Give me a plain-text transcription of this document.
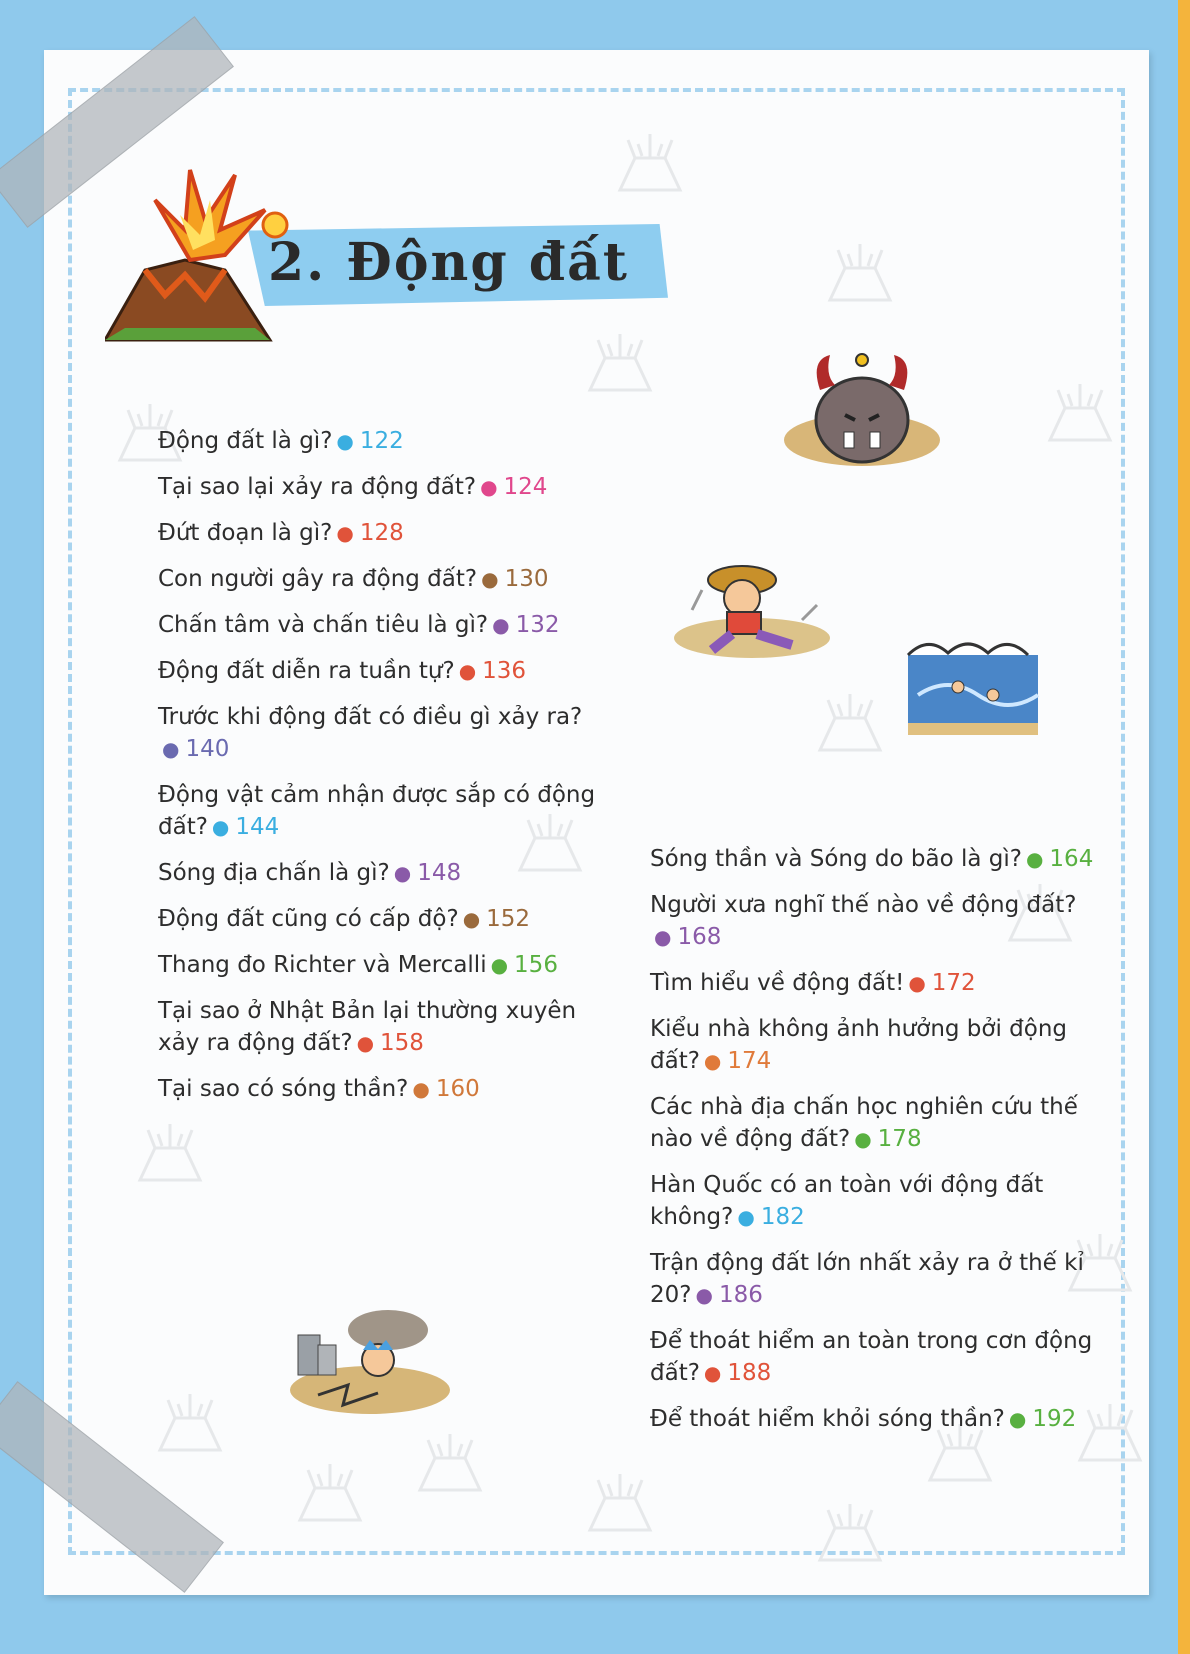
2. Động đất
Động đất là gì? ● 122
Tại sao lại xảy ra động đất? ● 124
Đứt đoạn là gì? ● 128
Con người gây ra động đất? ● 130
Chấn tâm và chấn tiêu là gì? ● 132
Động đất diễn ra tuần tự? ● 136
Trước khi động đất có điều gì xảy ra?● 140
Động vật cảm nhận được sắp có động đất? ● 144
Sóng địa chấn là gì? ● 148
Động đất cũng có cấp độ? ● 152
Thang đo Richter và Mercalli ● 156
Tại sao ở Nhật Bản lại thường xuyên xảy ra động đất? ● 158
Tại sao có sóng thần? ● 160
Sóng thần và Sóng do bão là gì? ● 164
Người xưa nghĩ thế nào về động đất?● 168
Tìm hiểu về động đất! ● 172
Kiểu nhà không ảnh hưởng bởi động đất? ● 174
Các nhà địa chấn học nghiên cứu thế nào về động đất? ● 178
Hàn Quốc có an toàn với động đất không? ● 182
Trận động đất lớn nhất xảy ra ở thế kỉ 20? ● 186
Để thoát hiểm an toàn trong cơn động đất? ● 188
Để thoát hiểm khỏi sóng thần? ● 192
